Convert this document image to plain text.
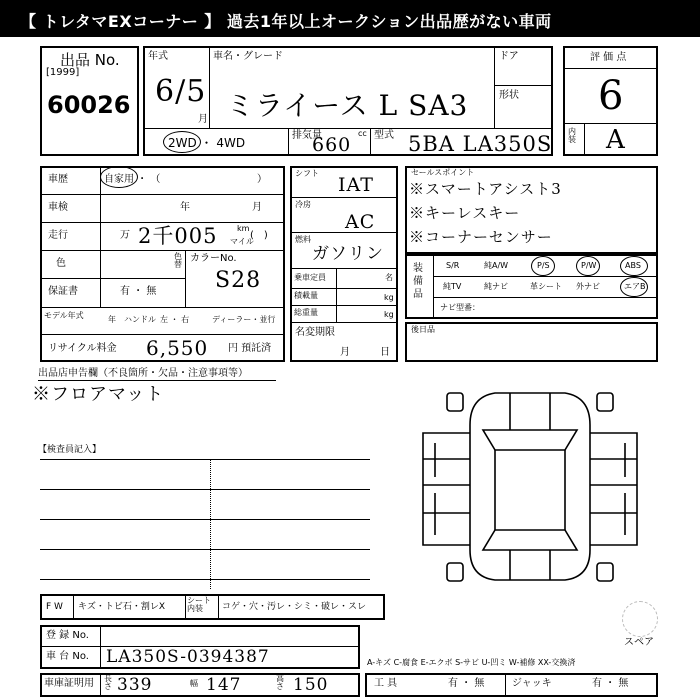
【 トレタマEXコーナー 】 過去1年以上オークション出品歴がない車両
出品 No.
[1999]
60026
年式
6/5
月
車名・グレード
ミライース L SA3
ドア
形状
2WD ・ 4WD
排気量	cc
660 型式 5BA LA350S
評 価 点
6
内 装 A
車歴	自家用 ・ （	）
車検	年	月
走行	万 2千005 km
マイル
(　)
色
色替
カラーNo.
S28
保証書	有 ・ 無
モデル年式	年 ハンドル 左 ・ 右	ディーラー・並行
リサイクル料金 6,550 円 預託済
シフト
IAT
冷房
AC
燃料
ガソリン
乗車定員	名
積載量	kg
総重量	kg
名変期限
月	日
セールスポイント
※スマートアシスト3
※キーレスキー
※コーナーセンサー
装備品
S/R	純A/W	P/S	P/W	ABS
純TV	純ナビ	革シート 外ナビ	エアB
ナビ型番：
後日品
出品店申告欄（不良箇所・欠品・注意事項等）
※フロアマット
【検査員記入】
スペア
F W キズ・トビ石・割レX
シート内装	コゲ・穴・汚レ・シミ・破レ・スレ
登 録 No.
車 台 No. LA350S-0394387	A-キズ C-腐食 E-エクボ S-サビ U-凹ミ W-補修 XX-交換済
車庫証明用 長さ 339	幅 147	高さ 150	工 具	有 ・ 無	ジャッキ	有 ・ 無
